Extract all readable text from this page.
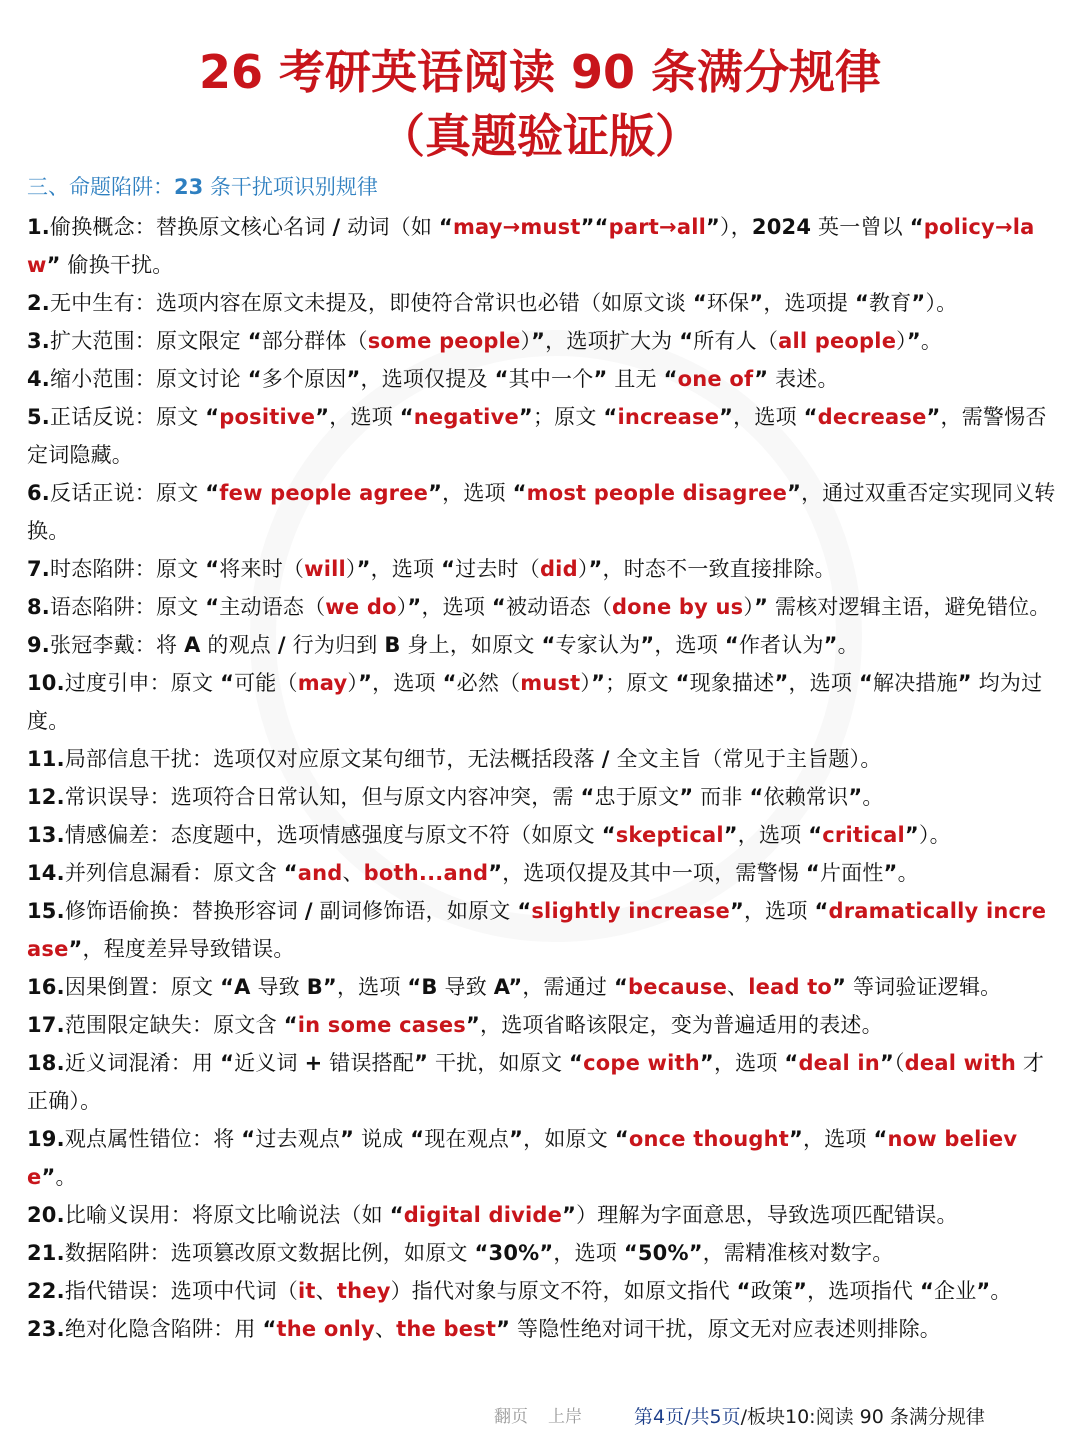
26 考研英语阅读 90 条满分规律
（真题验证版）
三、命题陷阱：23 条干扰项识别规律

1.偷换概念：替换原文核心名词 / 动词（如 “may→must”“part→all”），2024 英一曾以 “policy→law” 偷换干扰。

2.无中生有：选项内容在原文未提及，即使符合常识也必错（如原文谈 “环保”，选项提 “教育”）。

3.扩大范围：原文限定 “部分群体（some people）”，选项扩大为 “所有人（all people）”。

4.缩小范围：原文讨论 “多个原因”，选项仅提及 “其中一个” 且无 “one of” 表述。

5.正话反说：原文 “positive”，选项 “negative”；原文 “increase”，选项 “decrease”，需警惕否定词隐藏。

6.反话正说：原文 “few people agree”，选项 “most people disagree”，通过双重否定实现同义转换。

7.时态陷阱：原文 “将来时（will）”，选项 “过去时（did）”，时态不一致直接排除。

8.语态陷阱：原文 “主动语态（we do）”，选项 “被动语态（done by us）” 需核对逻辑主语，避免错位。

9.张冠李戴：将 A 的观点 / 行为归到 B 身上，如原文 “专家认为”，选项 “作者认为”。

10.过度引申：原文 “可能（may）”，选项 “必然（must）”；原文 “现象描述”，选项 “解决措施” 均为过度。

11.局部信息干扰：选项仅对应原文某句细节，无法概括段落 / 全文主旨（常见于主旨题）。

12.常识误导：选项符合日常认知，但与原文内容冲突，需 “忠于原文” 而非 “依赖常识”。

13.情感偏差：态度题中，选项情感强度与原文不符（如原文 “skeptical”，选项 “critical”）。

14.并列信息漏看：原文含 “and、both...and”，选项仅提及其中一项，需警惕 “片面性”。

15.修饰语偷换：替换形容词 / 副词修饰语，如原文 “slightly increase”，选项 “dramatically increase”，程度差异导致错误。

16.因果倒置：原文 “A 导致 B”，选项 “B 导致 A”，需通过 “because、lead to” 等词验证逻辑。

17.范围限定缺失：原文含 “in some cases”，选项省略该限定，变为普遍适用的表述。

18.近义词混淆：用 “近义词 + 错误搭配” 干扰，如原文 “cope with”，选项 “deal in”（deal with 才正确）。

19.观点属性错位：将 “过去观点” 说成 “现在观点”，如原文 “once thought”，选项 “now believe”。

20.比喻义误用：将原文比喻说法（如 “digital divide”）理解为字面意思，导致选项匹配错误。

21.数据陷阱：选项篡改原文数据比例，如原文 “30%”，选项 “50%”，需精准核对数字。

22.指代错误：选项中代词（it、they）指代对象与原文不符，如原文指代 “政策”，选项指代 “企业”。

23.绝对化隐含陷阱：用 “the only、the best” 等隐性绝对词干扰，原文无对应表述则排除。

翻页 上岸	第4页/共5页/板块10:阅读 90 条满分规律
